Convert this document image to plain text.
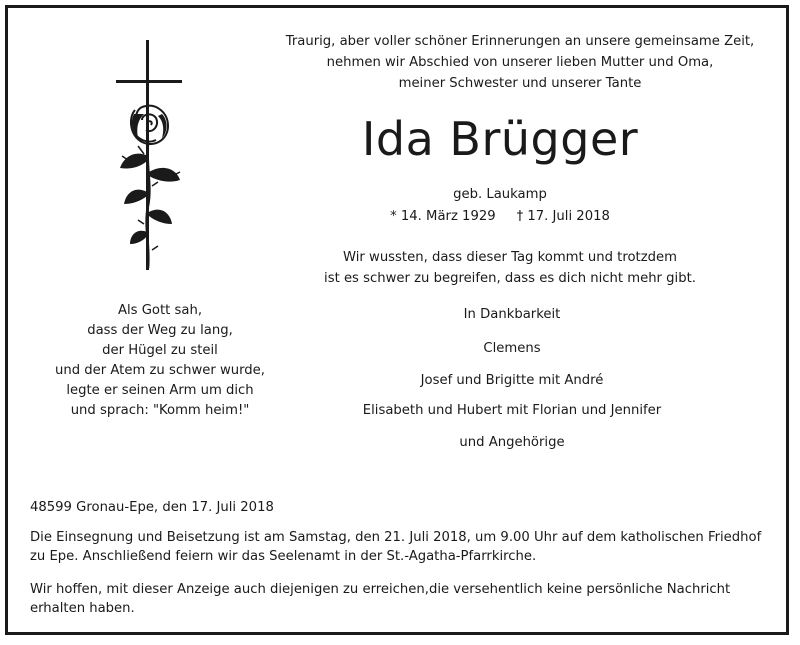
Traurig, aber voller schöner Erinnerungen an unsere gemeinsame Zeit,
nehmen wir Abschied von unserer lieben Mutter und Oma,
meiner Schwester und unserer Tante
Ida Brügger
geb. Laukamp
* 14. März 1929 † 17. Juli 2018
Wir wussten, dass dieser Tag kommt und trotzdem
ist es schwer zu begreifen, dass es dich nicht mehr gibt.
Als Gott sah,
dass der Weg zu lang,
der Hügel zu steil
und der Atem zu schwer wurde,
legte er seinen Arm um dich
und sprach: "Komm heim!"
In Dankbarkeit
Clemens
Josef und Brigitte mit André
Elisabeth und Hubert mit Florian und Jennifer
und Angehörige
48599 Gronau-Epe, den 17. Juli 2018
Die Einsegnung und Beisetzung ist am Samstag, den 21. Juli 2018, um 9.00 Uhr auf dem katholischen Friedhof zu Epe. Anschließend feiern wir das Seelenamt in der St.-Agatha-Pfarrkirche.
Wir hoffen, mit dieser Anzeige auch diejenigen zu erreichen,die versehentlich keine persönliche Nachricht erhalten haben.
